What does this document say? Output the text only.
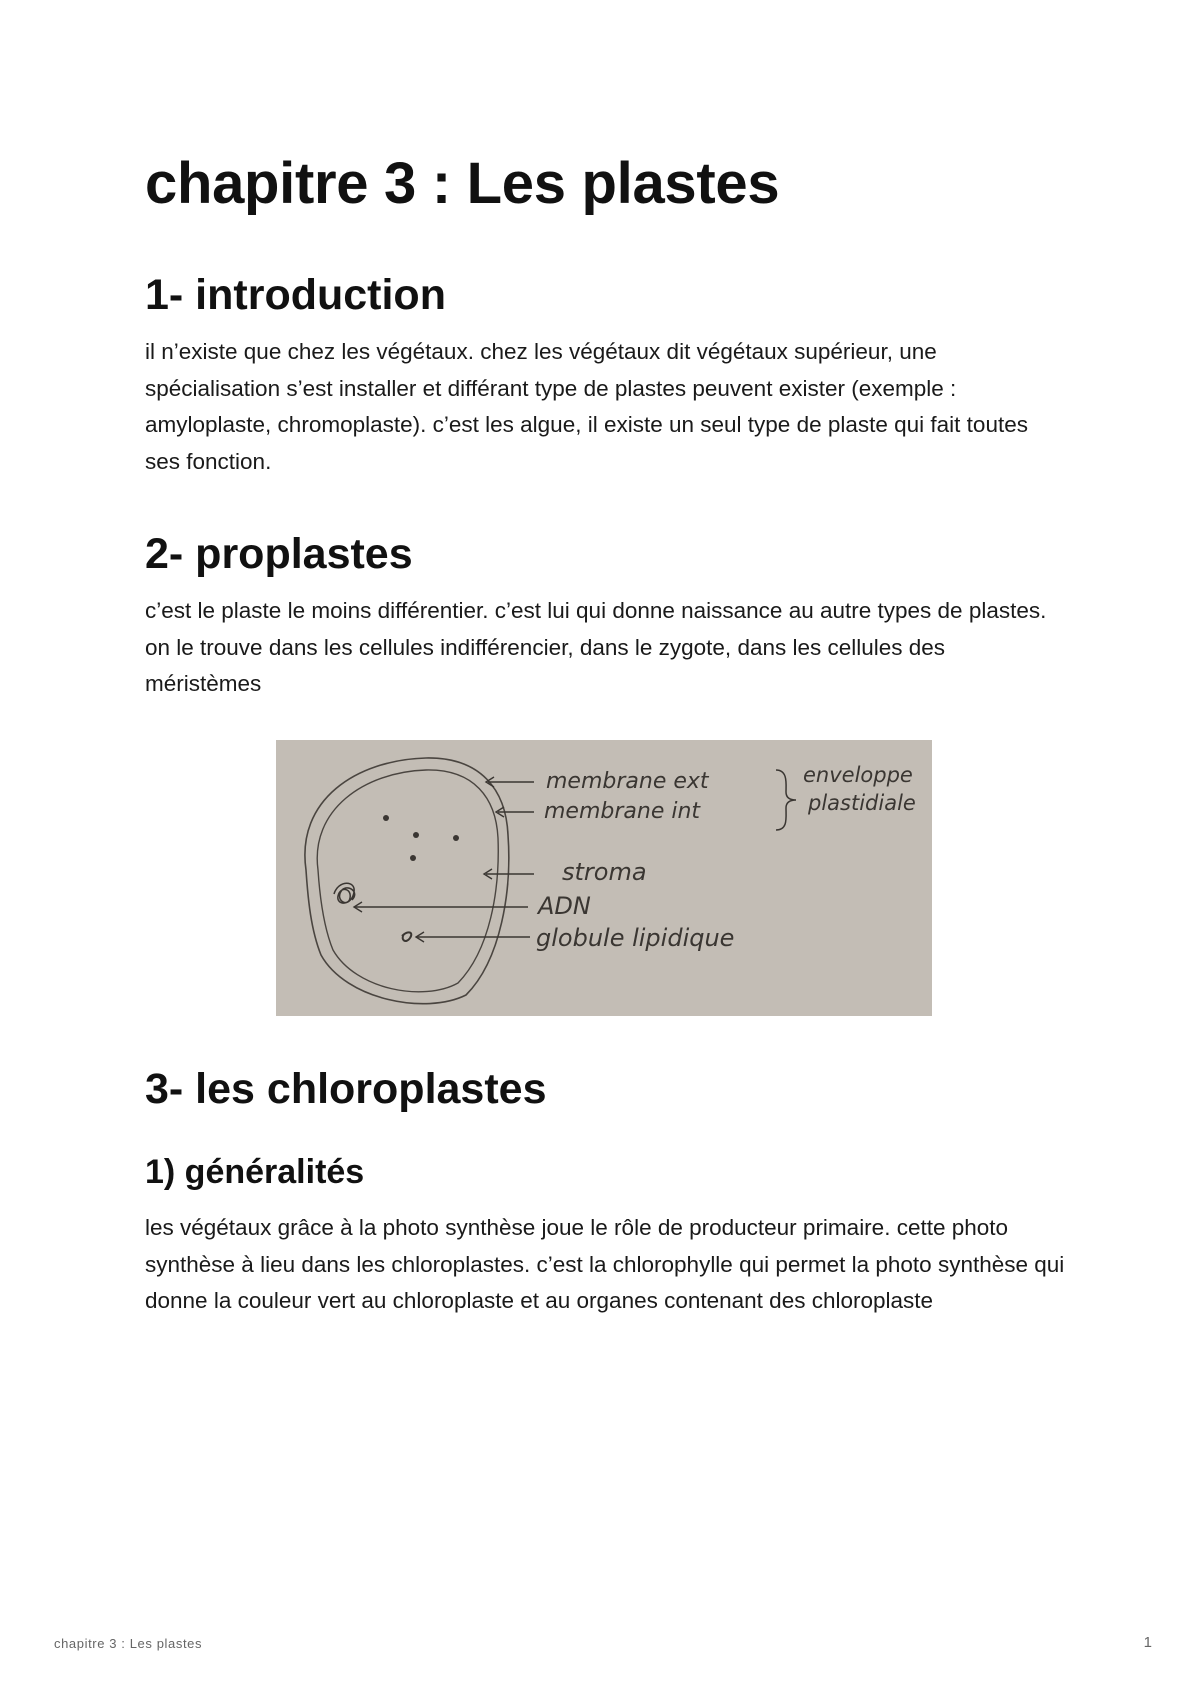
chapitre 3 : Les plastes
1- introduction

il n’existe que chez les végétaux. chez les végétaux dit végétaux supérieur, une spécialisation s’est installer et différant type de plastes peuvent exister (exemple : amyloplaste, chromoplaste). c’est les algue, il existe un seul type de plaste qui fait toutes ses fonction.

2- proplastes

c’est le plaste le moins différentier. c’est lui qui donne naissance au autre types de plastes. on le trouve dans les cellules indifférencier, dans le zygote, dans les cellules des méristèmes

membrane ext
membrane int
enveloppe
plastidiale
stroma
ADN
globule lipidique
3- les chloroplastes
1) généralités

les végétaux grâce à la photo synthèse joue le rôle de producteur primaire. cette photo synthèse à lieu dans les chloroplastes. c’est la chlorophylle qui permet la photo synthèse qui donne la couleur vert au chloroplaste et au organes contenant des chloroplaste

chapitre 3 : Les plastes	1
